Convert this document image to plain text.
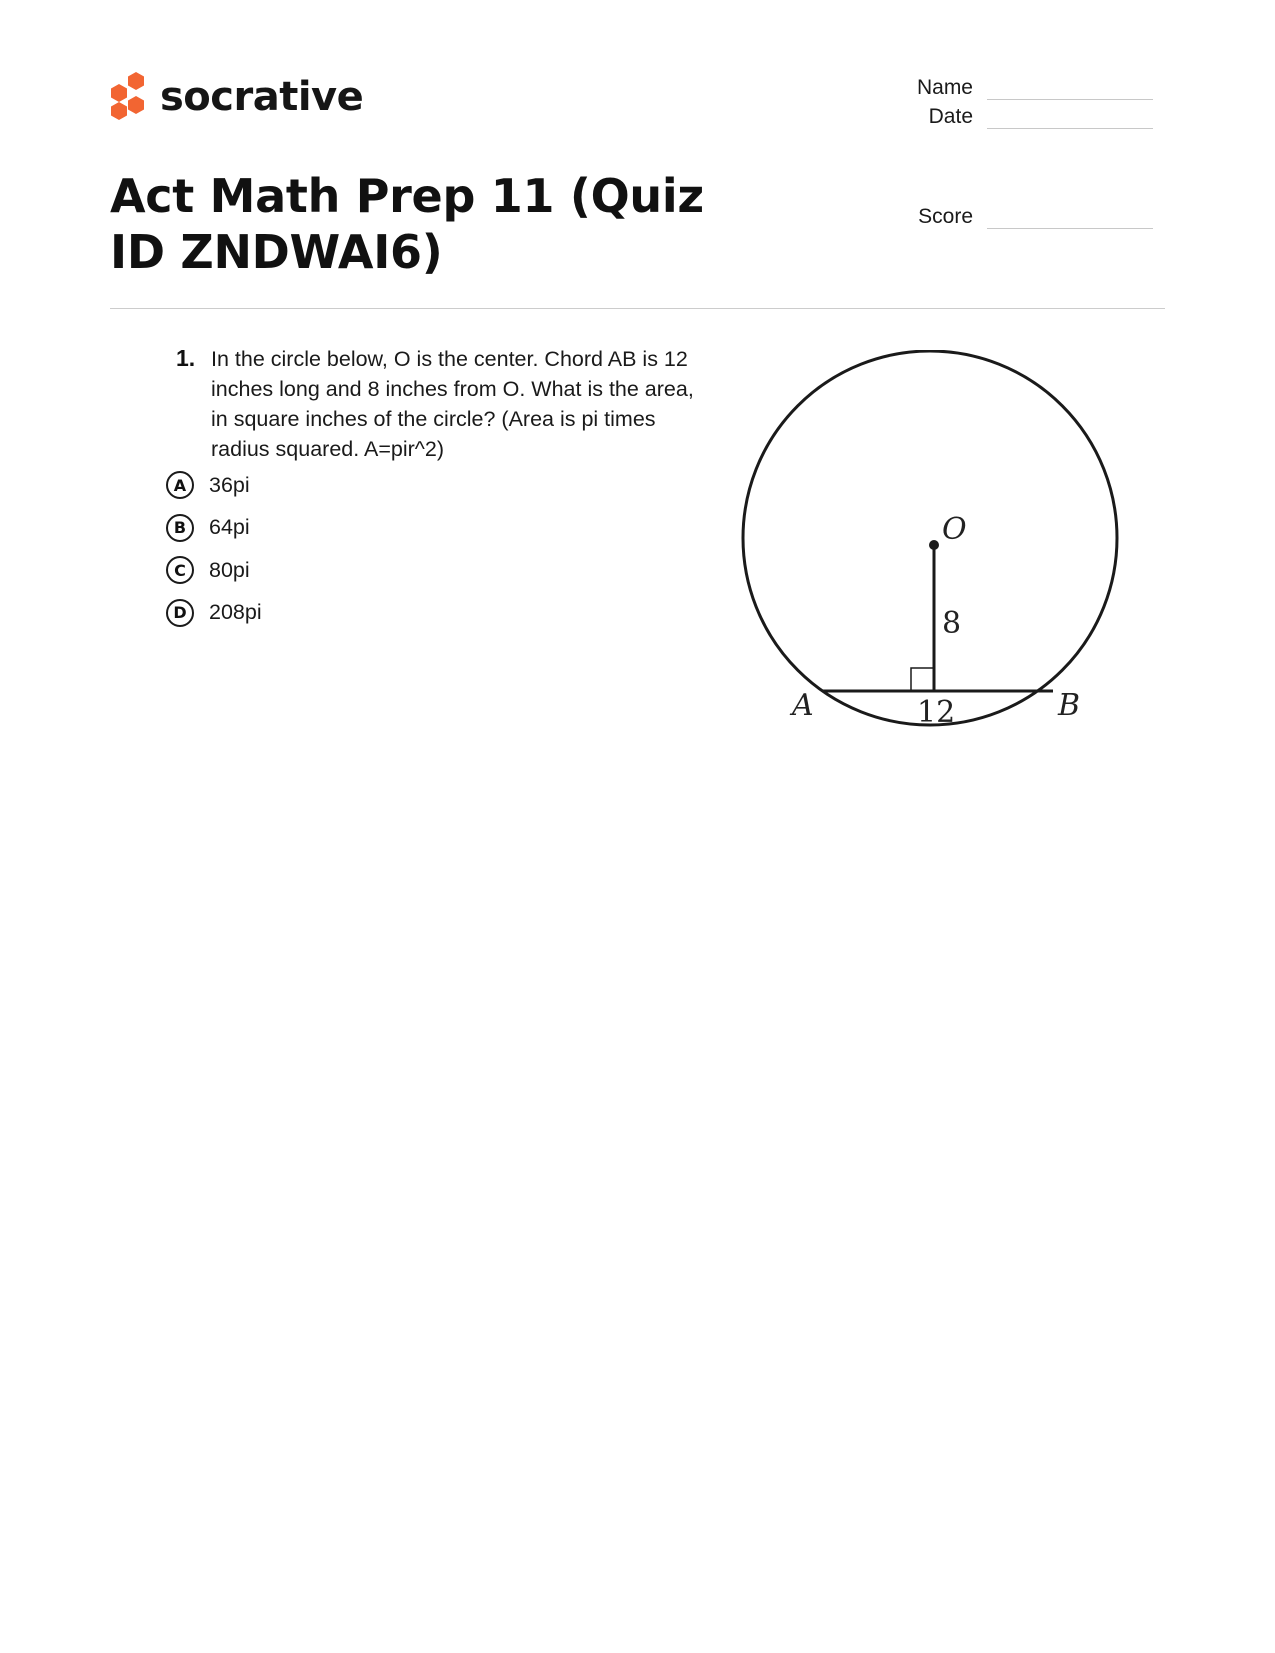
socrative	Name
Date
Score
Act Math Prep 11 (Quiz ID ZNDWAI6)
1. In the circle below, O is the center. Chord AB is 12 inches long and 8 inches from O. What is the area, in square inches of the circle? (Area is pi times radius squared. A=pir^2)
A	36pi
B	64pi
C	80pi
D	208pi
O
8
12
A	B
